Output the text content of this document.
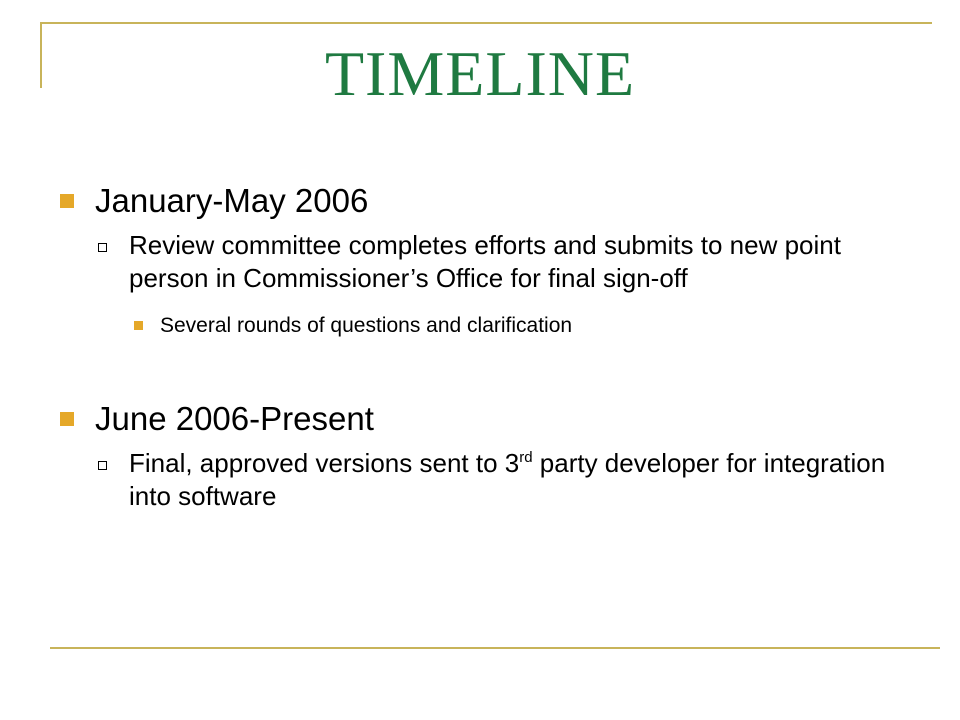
TIMELINE
January-May 2006
Review committee completes efforts and submits to new point person in Commissioner’s Office for final sign-off
Several rounds of questions and clarification
June 2006-Present
Final, approved versions sent to 3rd party developer for integration into software
